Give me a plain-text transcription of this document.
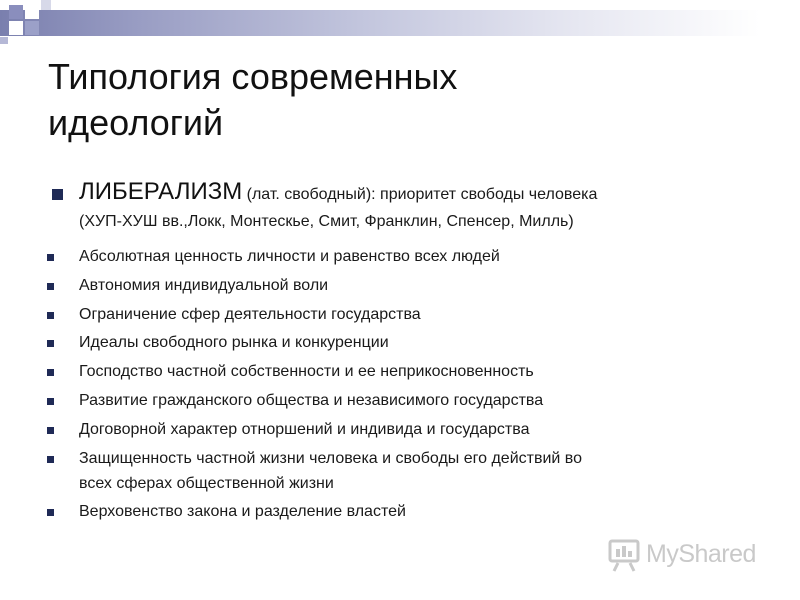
Типология современных
идеологий
ЛИБЕРАЛИЗМ (лат. свободный): приоритет свободы человека
(ХУП-ХУШ вв.,Локк, Монтескье, Смит, Франклин, Спенсер, Милль)
Абсолютная ценность личности и равенство всех людей
Автономия индивидуальной воли
Ограничение сфер деятельности государства
Идеалы свободного рынка и конкуренции
Господство частной собственности и ее неприкосновенность
Развитие гражданского общества и независимого государства
Договорной характер отноршений и индивида и государства
Защищенность частной жизни человека и свободы его действий во
всех сферах общественной жизни
Верховенство закона и разделение властей
MyShared
